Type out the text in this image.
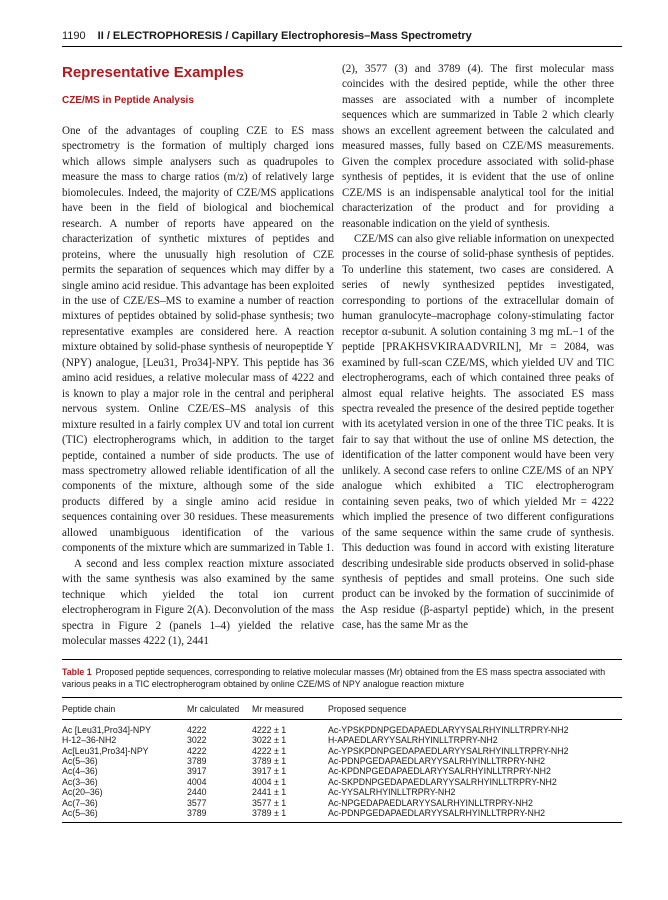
1190 II / ELECTROPHORESIS / Capillary Electrophoresis–Mass Spectrometry
Representative Examples
CZE/MS in Peptide Analysis

One of the advantages of coupling CZE to ES mass spectrometry is the formation of multiply charged ions which allows simple analysers such as quadrupoles to measure the mass to charge ratios (m/z) of relatively large biomolecules. Indeed, the majority of CZE/MS applications have been in the field of biological and biochemical research. A number of reports have appeared on the characterization of synthetic mixtures of peptides and proteins, where the unusually high resolution of CZE permits the separation of sequences which may differ by a single amino acid residue. This advantage has been exploited in the use of CZE/ES–MS to examine a number of reaction mixtures of peptides obtained by solid-phase synthesis; two representative examples are considered here. A reaction mixture obtained by solid-phase synthesis of neuropeptide Y (NPY) analogue, [Leu31, Pro34]-NPY. This peptide has 36 amino acid residues, a relative molecular mass of 4222 and is known to play a major role in the central and peripheral nervous system. Online CZE/ES–MS analysis of this mixture resulted in a fairly complex UV and total ion current (TIC) electropherograms which, in addition to the target peptide, contained a number of side products. The use of mass spectrometry allowed reliable identification of all the components of the mixture, although some of the side products differed by a single amino acid residue in sequences containing over 30 residues. These measurements allowed unambiguous identification of the various components of the mixture which are summarized in Table 1.

A second and less complex reaction mixture associated with the same synthesis was also examined by the same technique which yielded the total ion current electropherogram in Figure 2(A). Deconvolution of the mass spectra in Figure 2 (panels 1–4) yielded the relative molecular masses 4222 (1), 2441

(2), 3577 (3) and 3789 (4). The first molecular mass coincides with the desired peptide, while the other three masses are associated with a number of incomplete sequences which are summarized in Table 2 which clearly shows an excellent agreement between the calculated and measured masses, fully based on CZE/MS measurements. Given the complex procedure associated with solid-phase synthesis of peptides, it is evident that the use of online CZE/MS is an indispensable analytical tool for the initial characterization of the product and for providing a reasonable indication on the yield of synthesis.

CZE/MS can also give reliable information on unexpected processes in the course of solid-phase synthesis of peptides. To underline this statement, two cases are considered. A series of newly synthesized peptides investigated, corresponding to portions of the extracellular domain of human granulocyte–macrophage colony-stimulating factor receptor α-subunit. A solution containing 3 mg mL−1 of the peptide [PRAKHSVKIRAADVRILN], Mr = 2084, was examined by full-scan CZE/MS, which yielded UV and TIC electropherograms, each of which contained three peaks of almost equal relative heights. The associated ES mass spectra revealed the presence of the desired peptide together with its acetylated version in one of the three TIC peaks. It is fair to say that without the use of online MS detection, the identification of the latter component would have been very unlikely. A second case refers to online CZE/MS of an NPY analogue which exhibited a TIC electropherogram containing seven peaks, two of which yielded Mr = 4222 which implied the presence of two different configurations of the same sequence within the same crude of synthesis. This deduction was found in accord with existing literature describing undesirable side products observed in solid-phase synthesis of peptides and small proteins. One such side product can be invoked by the formation of succinimide of the Asp residue (β-aspartyl peptide) which, in the present case, has the same Mr as the

Table 1 Proposed peptide sequences, corresponding to relative molecular masses (Mr) obtained from the ES mass spectra associated with various peaks in a TIC electropherogram obtained by online CZE/MS of NPY analogue reaction mixture

Peptide chain	Mr calculated	Mr measured	Proposed sequence
Ac [Leu31,Pro34]-NPY	4222	4222 ± 1	Ac-YPSKPDNPGEDAPAEDLARYYSALRHYINLLTRPRY-NH2
H-12–36-NH2	3022	3022 ± 1	H-APAEDLARYYSALRHYINLLTRPRY-NH2
Ac[Leu31,Pro34]-NPY	4222	4222 ± 1	Ac-YPSKPDNPGEDAPAEDLARYYSALRHYINLLTRPRY-NH2
Ac(5–36)	3789	3789 ± 1	Ac-PDNPGEDAPAEDLARYYSALRHYINLLTRPRY-NH2
Ac(4–36)	3917	3917 ± 1	Ac-KPDNPGEDAPAEDLARYYSALRHYINLLTRPRY-NH2
Ac(3–36)	4004	4004 ± 1	Ac-SKPDNPGEDAPAEDLARYYSALRHYINLLTRPRY-NH2
Ac(20–36)	2440	2441 ± 1	Ac-YYSALRHYINLLTRPRY-NH2
Ac(7–36)	3577	3577 ± 1	Ac-NPGEDAPAEDLARYYSALRHYINLLTRPRY-NH2
Ac(5–36)	3789	3789 ± 1	Ac-PDNPGEDAPAEDLARYYSALRHYINLLTRPRY-NH2
